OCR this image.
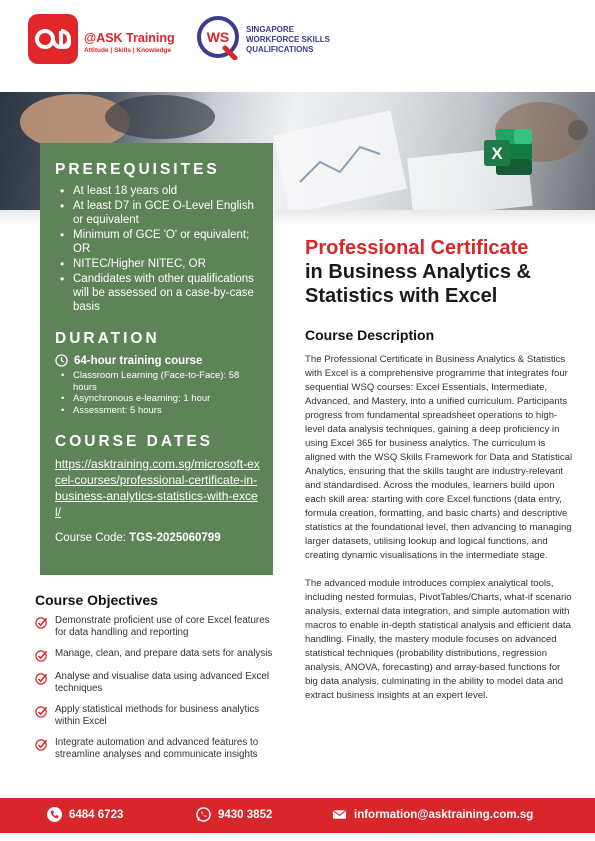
@ASK Training
Attitude | Skills | Knowledge
WS SINGAPORE
WORKFORCE SKILLS
QUALIFICATIONS
X
PREREQUISITES
• At least 18 years old
• At least D7 in GCE O-Level English or equivalent
• Minimum of GCE 'O' or equivalent; OR
• NITEC/Higher NITEC, OR
• Candidates with other qualifications will be assessed on a case-by-case basis
DURATION
64-hour training course
• Classroom Learning (Face-to-Face): 58 hours
• Asynchronous e-learning: 1 hour
• Assessment: 5 hours
COURSE DATES
https://asktraining.com.sg/microsoft-excel-courses/professional-certificate-in-business-analytics-statistics-with-excel/
Course Code: TGS-2025060799
Professional Certificate
in Business Analytics & Statistics with Excel
Course Description

The Professional Certificate in Business Analytics & Statistics with Excel is a comprehensive programme that integrates four sequential WSQ courses: Excel Essentials, Intermediate, Advanced, and Mastery, into a unified curriculum. Participants progress from fundamental spreadsheet operations to high-level data analysis techniques, gaining a deep proficiency in using Excel 365 for business analytics. The curriculum is aligned with the WSQ Skills Framework for Data and Statistical Analytics, ensuring that the skills taught are industry-relevant and standardised. Across the modules, learners build upon each skill area: starting with core Excel functions (data entry, formula creation, formatting, and basic charts) and descriptive statistics at the foundational level, then advancing to managing larger datasets, utilising lookup and logical functions, and creating dynamic visualisations in the intermediate stage.

The advanced module introduces complex analytical tools, including nested formulas, PivotTables/Charts, what-if scenario analysis, external data integration, and simple automation with macros to enable in-depth statistical analysis and efficient data handling. Finally, the mastery module focuses on advanced statistical techniques (probability distributions, regression analysis, ANOVA, forecasting) and array-based functions for big data analysis, culminating in the ability to model data and extract business insights at an expert level.

Course Objectives
Demonstrate proficient use of core Excel features for data handling and reporting
Manage, clean, and prepare data sets for analysis
Analyse and visualise data using advanced Excel techniques
Apply statistical methods for business analytics within Excel
Integrate automation and advanced features to streamline analyses and communicate insights
6484 6723	9430 3852	information@asktraining.com.sg
